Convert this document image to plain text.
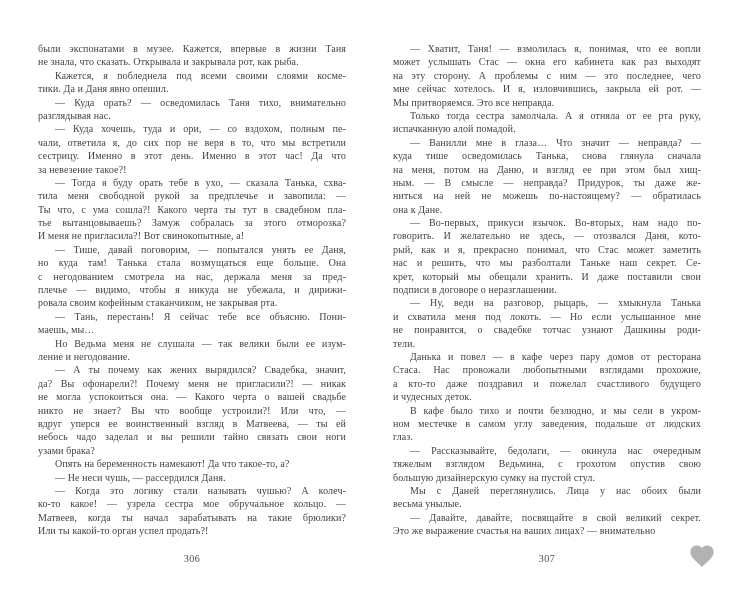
были экспонатами в музее. Кажется, впервые в жизни Таня
не знала, что сказать. Открывала и закрывала рот, как рыба.
Кажется, я побледнела под всеми своими слоями косме-
тики. Да и Даня явно опешил.
— Куда орать? — осведомилась Таня тихо, внимательно
разглядывая нас.
— Куда хочешь, туда и ори, — со вздохом, полным пе-
чали, ответила я, до сих пор не веря в то, что мы встретили
сестрицу. Именно в этот день. Именно в этот час! Да что
за невезение такое?!
— Тогда я буду орать тебе в ухо, — сказала Танька, схва-
тила меня свободной рукой за предплечье и завопила: —
Ты что, с ума сошла?! Какого черта ты тут в свадебном пла-
тье вытанцовываешь? Замуж собралась за этого отморозка?
И меня не пригласила?! Вот свинокопытные, а!
— Тише, давай поговорим, — попытался унять ее Даня,
но куда там! Танька стала возмущаться еще больше. Она
с негодованием смотрела на нас, держала меня за пред-
плечье — видимо, чтобы я никуда не убежала, и дирижи-
ровала своим кофейным стаканчиком, не закрывая рта.
— Тань, перестань! Я сейчас тебе все объясню. Пони-
маешь, мы…
Но Ведьма меня не слушала — так велики были ее изум-
ление и негодование.
— А ты почему как жених вырядился? Свадебка, значит,
да? Вы офонарели?! Почему меня не пригласили?! — никак
не могла успокоиться она. — Какого черта о вашей свадьбе
никто не знает? Вы что вообще устроили?! Или что, —
вдруг уперся ее воинственный взгляд в Матвеева, — ты ей
небось чадо заделал и вы решили тайно связать свои ноги
узами брака?
Опять на беременность намекают! Да что такое-то, а?
— Не неси чушь, — рассердился Даня.
— Когда это логику стали называть чушью? А колеч-
ко-то какое! — узрела сестра мое обручальное кольцо. —
Матвеев, когда ты начал зарабатывать на такие брюлики?
Или ты какой-то орган успел продать?!
306
— Хватит, Таня! — взмолилась я, понимая, что ее вопли
может услышать Стас — окна его кабинета как раз выходят
на эту сторону. А проблемы с ним — это последнее, чего
мне сейчас хотелось. И я, изловчившись, закрыла ей рот. —
Мы притворяемся. Это все неправда.
Только тогда сестра замолчала. А я отняла от ее рта руку,
испачканную алой помадой.
— Ванилли мне в глаза… Что значит — неправда? —
куда тише осведомилась Танька, снова глянула сначала
на меня, потом на Даню, и взгляд ее при этом был хищ-
ным. — В смысле — неправда? Придурок, ты даже же-
ниться на ней не можешь по-настоящему? — обратилась
она к Дане.
— Во-первых, прикуси язычок. Во-вторых, нам надо по-
говорить. И желательно не здесь, — отозвался Даня, кото-
рый, как и я, прекрасно понимал, что Стас может заметить
нас и решить, что мы разболтали Таньке наш секрет. Се-
крет, который мы обещали хранить. И даже поставили свои
подписи в договоре о неразглашении.
— Ну, веди на разговор, рыцарь, — хмыкнула Танька
и схватила меня под локоть. — Но если услышанное мне
не понравится, о свадебке тотчас узнают Дашкины роди-
тели.
Данька и повел — в кафе через пару домов от ресторана
Стаса. Нас провожали любопытными взглядами прохожие,
а кто-то даже поздравил и пожелал счастливого будущего
и чудесных деток.
В кафе было тихо и почти безлюдно, и мы сели в укром-
ном местечке в самом углу заведения, подальше от людских
глаз.
— Рассказывайте, бедолаги, — окинула нас очередным
тяжелым взглядом Ведьмина, с грохотом опустив свою
большую дизайнерскую сумку на пустой стул.
Мы с Даней переглянулись. Лица у нас обоих были
весьма унылые.
— Давайте, давайте, посвящайте в свой великий секрет.
Это же выражение счастья на ваших лицах? — внимательно
307
